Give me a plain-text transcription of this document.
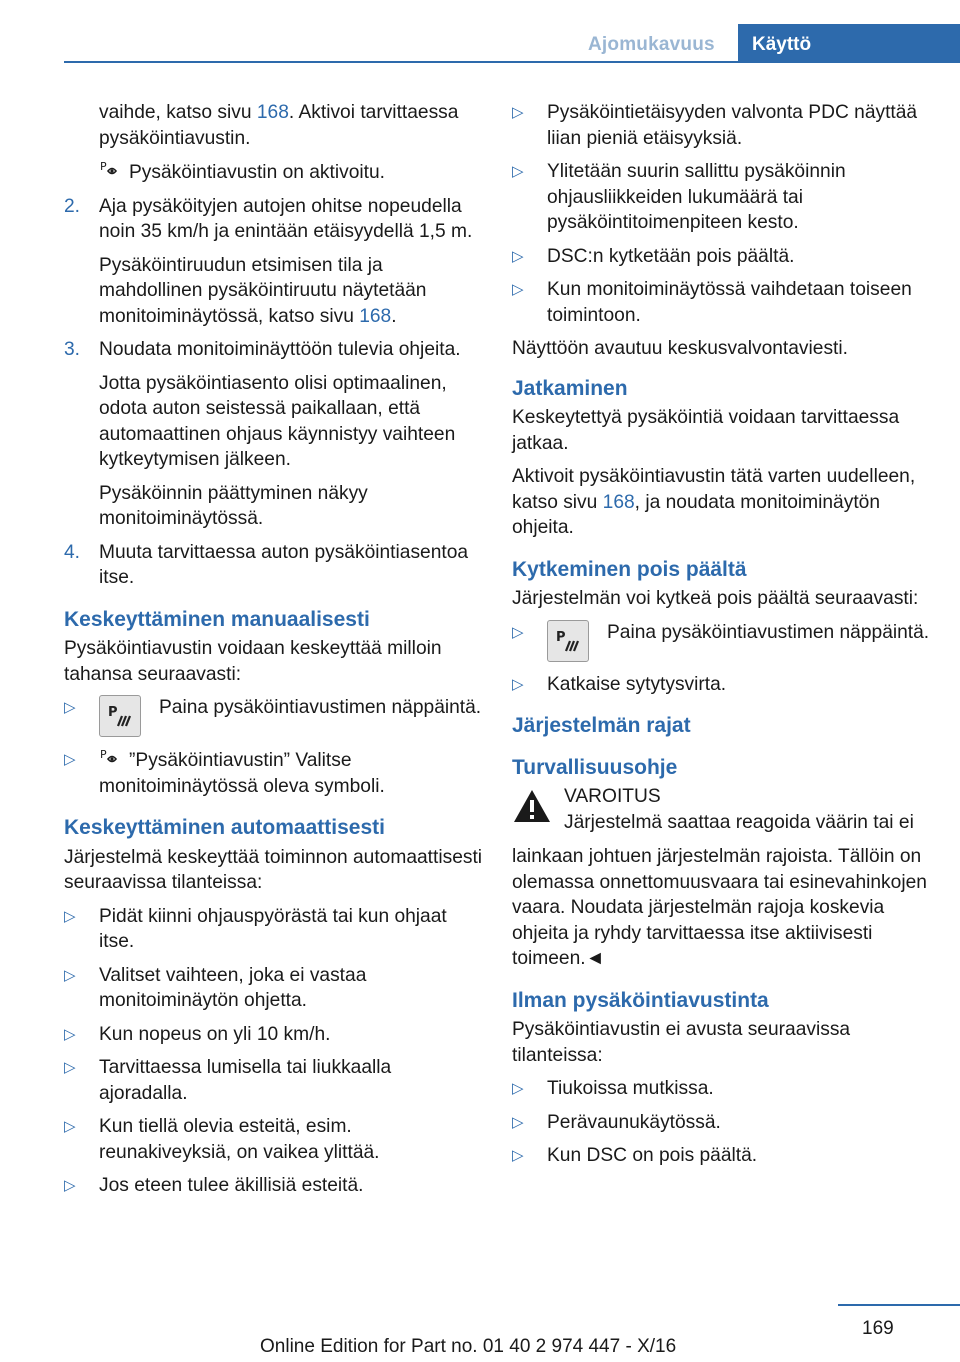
Ajomukavuus Käyttö

vaihde, katso sivu 168. Aktivoi tarvittaessa pysäköintiavustin.

P Pysäköintiavustin on aktivoitu.

2. Aja pysäköityjen autojen ohitse nopeudella noin 35 km/h ja enintään etäisyydellä 1,5 m.

Pysäköintiruudun etsimisen tila ja mahdollinen pysäköintiruutu näytetään monitoiminäytössä, katso sivu 168.

3. Noudata monitoiminäyttöön tulevia ohjeita.

Jotta pysäköintiasento olisi optimaalinen, odota auton seistessä paikallaan, että automaattinen ohjaus käynnistyy vaihteen kytkeytymisen jälkeen.

Pysäköinnin päättyminen näkyy monitoiminäytössä.

4. Muuta tarvittaessa auton pysäköintiasentoa itse.
Keskeyttäminen manuaalisesti

Pysäköintiavustin voidaan keskeyttää milloin tahansa seuraavasti:

▷ P Paina pysäköintiavustimen näppäintä.
▷ P ”Pysäköintiavustin” Valitse monitoiminäytössä oleva symboli.
Keskeyttäminen automaattisesti

Järjestelmä keskeyttää toiminnon automaattisesti seuraavissa tilanteissa:

▷ Pidät kiinni ohjauspyörästä tai kun ohjaat itse.
▷ Valitset vaihteen, joka ei vastaa monitoiminäytön ohjetta.
▷ Kun nopeus on yli 10 km/h.
▷ Tarvittaessa lumisella tai liukkaalla ajoradalla.
▷ Kun tiellä olevia esteitä, esim. reunakiveyksiä, on vaikea ylittää.
▷ Jos eteen tulee äkillisiä esteitä.
▷ Pysäköintietäisyyden valvonta PDC näyttää liian pieniä etäisyyksiä.
▷ Ylitetään suurin sallittu pysäköinnin ohjausliikkeiden lukumäärä tai pysäköintitoimenpiteen kesto.
▷ DSC:n kytketään pois päältä.
▷ Kun monitoiminäytössä vaihdetaan toiseen toimintoon.

Näyttöön avautuu keskusvalvontaviesti.

Jatkaminen

Keskeytettyä pysäköintiä voidaan tarvittaessa jatkaa.

Aktivoit pysäköintiavustin tätä varten uudelleen, katso sivu 168, ja noudata monitoiminäytön ohjeita.

Kytkeminen pois päältä

Järjestelmän voi kytkeä pois päältä seuraavasti:

▷ P Paina pysäköintiavustimen näppäintä.
▷ Katkaise sytytysvirta.
Järjestelmän rajat
Turvallisuusohje
VAROITUS
Järjestelmä saattaa reagoida väärin tai ei

lainkaan johtuen järjestelmän rajoista. Tällöin on olemassa onnettomuusvaara tai esinevahinkojen vaara. Noudata järjestelmän rajoja koskevia ohjeita ja ryhdy tarvittaessa itse aktiivisesti toimeen.◄

Ilman pysäköintiavustinta

Pysäköintiavustin ei avusta seuraavissa tilanteissa:

▷ Tiukoissa mutkissa.
▷ Perävaunukäytössä.
▷ Kun DSC on pois päältä.
169
Online Edition for Part no. 01 40 2 974 447 - X/16
